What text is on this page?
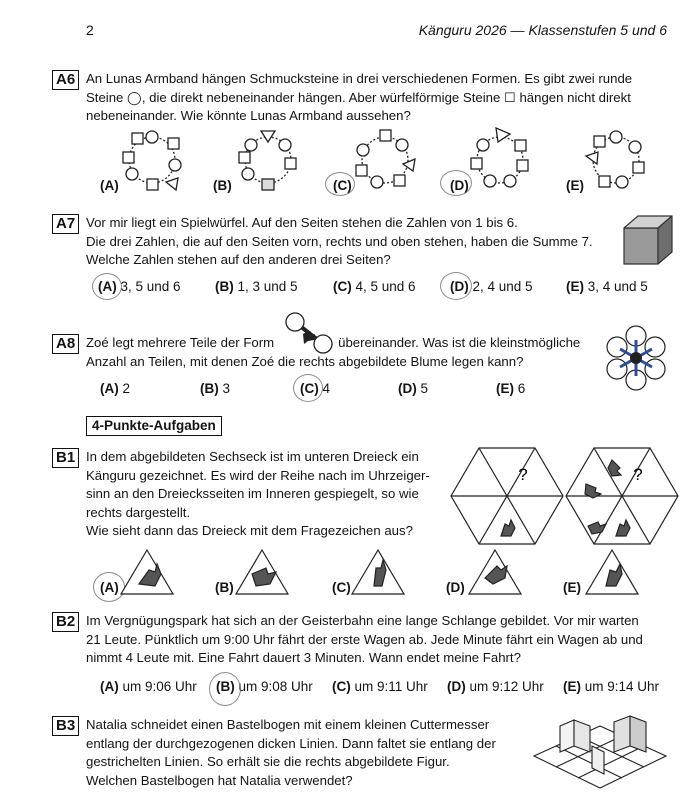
2	Känguru 2026 — Klassenstufen 5 und 6
A6 An Lunas Armband hängen Schmucksteine in drei verschiedenen Formen. Es gibt zwei runde
Steine ◯, die direkt nebeneinander hängen. Aber würfelförmige Steine ☐ hängen nicht direkt
nebeneinander. Wie könnte Lunas Armband aussehen?
(A)	(B)	(C)	(D)	(E)
A7 Vor mir liegt ein Spielwürfel. Auf den Seiten stehen die Zahlen von 1 bis 6.
Die drei Zahlen, die auf den Seiten vorn, rechts und oben stehen, haben die Summe 7.
Welche Zahlen stehen auf den anderen drei Seiten?
(A) 3, 5 und 6	(B) 1, 3 und 5	(C) 4, 5 und 6	(D) 2, 4 und 5 (E) 3, 4 und 5
A8 Zoé legt mehrere Teile der Form	übereinander. Was ist die kleinstmögliche
Anzahl an Teilen, mit denen Zoé die rechts abgebildete Blume legen kann?
(A) 2	(B) 3	(C) 4	(D) 5	(E) 6
4-Punkte-Aufgaben
B1 In dem abgebildeten Sechseck ist im unteren Dreieck ein
Känguru gezeichnet. Es wird der Reihe nach im Uhrzeiger-
sinn an den Dreiecksseiten im Inneren gespiegelt, so wie
rechts dargestellt.
Wie sieht dann das Dreieck mit dem Fragezeichen aus?
?	?
(A)	(B)	(C)	(D)	(E)
B2 Im Vergnügungspark hat sich an der Geisterbahn eine lange Schlange gebildet. Vor mir warten
21 Leute. Pünktlich um 9:00 Uhr fährt der erste Wagen ab. Jede Minute fährt ein Wagen ab und
nimmt 4 Leute mit. Eine Fahrt dauert 3 Minuten. Wann endet meine Fahrt?
(A) um 9:06 Uhr (B) um 9:08 Uhr (C) um 9:11 Uhr (D) um 9:12 Uhr (E) um 9:14 Uhr
B3 Natalia schneidet einen Bastelbogen mit einem kleinen Cuttermesser
entlang der durchgezogenen dicken Linien. Dann faltet sie entlang der
gestrichelten Linien. So erhält sie die rechts abgebildete Figur.
Welchen Bastelbogen hat Natalia verwendet?
